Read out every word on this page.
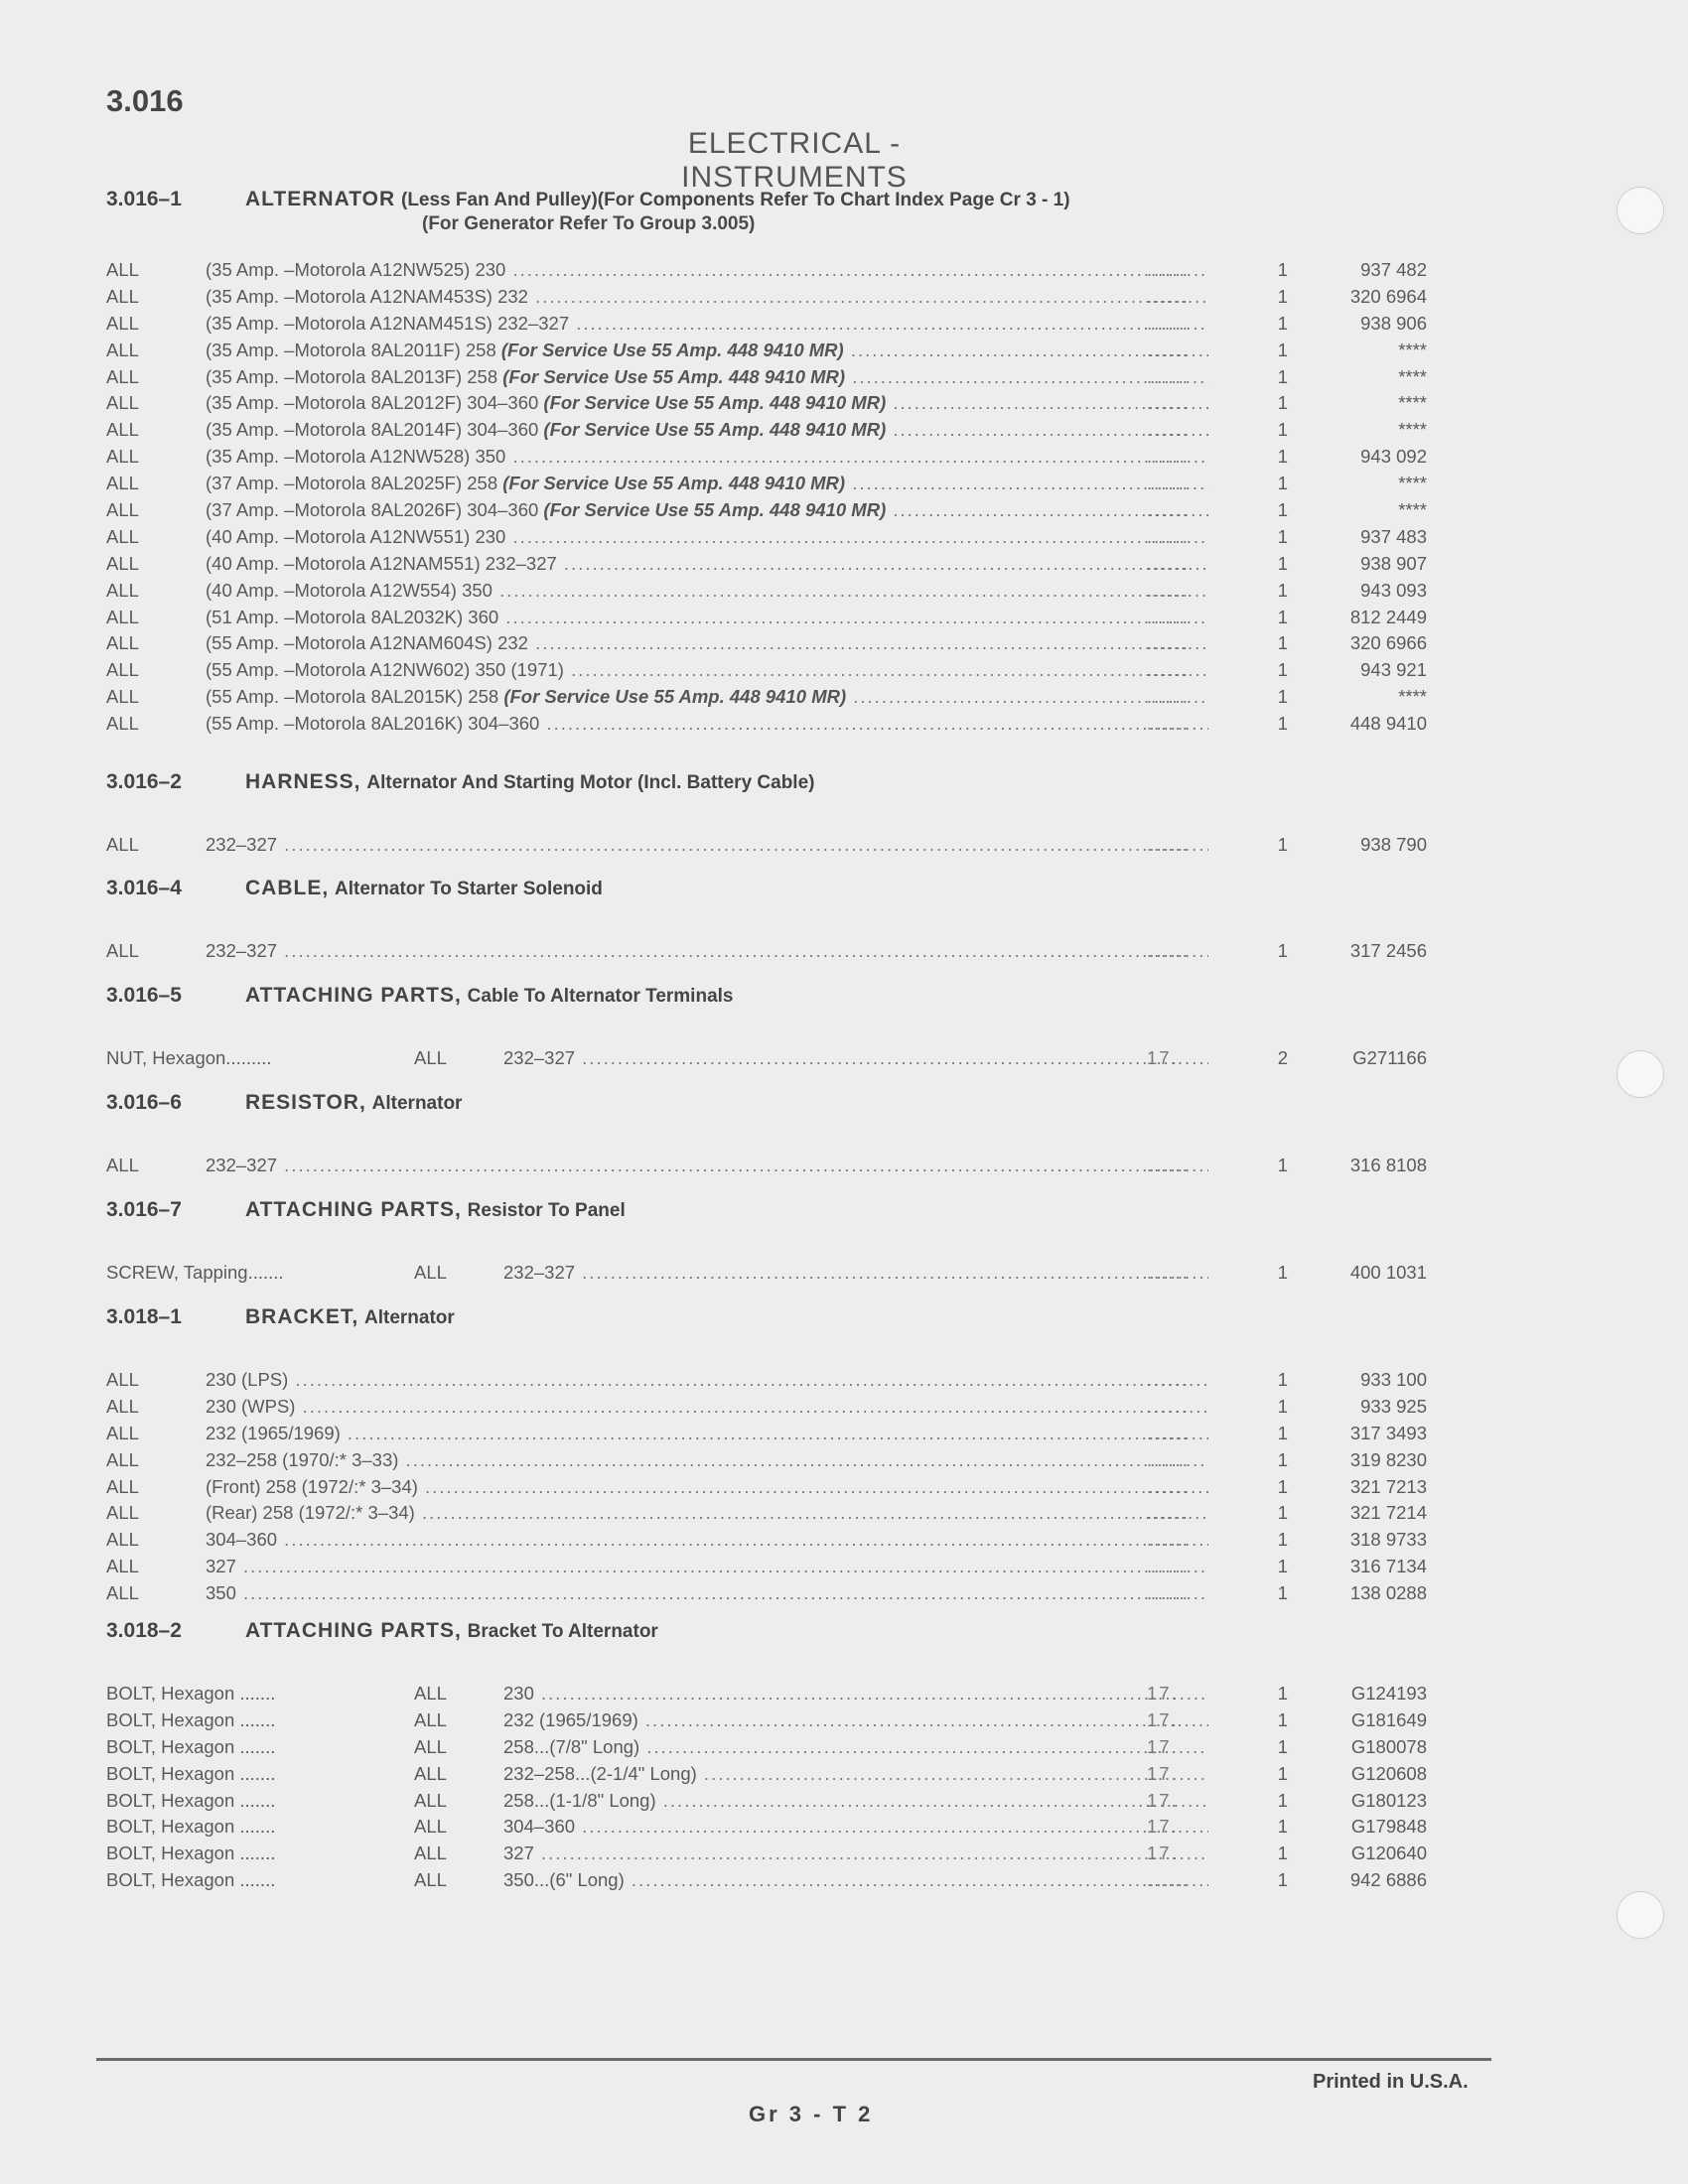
3.016
ELECTRICAL - INSTRUMENTS
3.016–1	ALTERNATOR (Less Fan And Pulley)(For Components Refer To Chart Index Page Cr 3 - 1)
(For Generator Refer To Group 3.005)
ALL	(35 Amp. –Motorola A12NW525) 230 .....	......	1	937 482
ALL	(35 Amp. –Motorola A12NAM453S) 232 .....	......	1	320 6964
ALL	(35 Amp. –Motorola A12NAM451S) 232–327 .....	......	1	938 906
ALL	(35 Amp. –Motorola 8AL2011F) 258 (For Service Use 55 Amp. 448 9410 MR) .....	......	1	****
ALL	(35 Amp. –Motorola 8AL2013F) 258 (For Service Use 55 Amp. 448 9410 MR) .....	......	1	****
ALL	(35 Amp. –Motorola 8AL2012F) 304–360 (For Service Use 55 Amp. 448 9410 MR) .....	......	1	****
ALL	(35 Amp. –Motorola 8AL2014F) 304–360 (For Service Use 55 Amp. 448 9410 MR) .....	......	1	****
ALL	(35 Amp. –Motorola A12NW528) 350 .....	......	1	943 092
ALL	(37 Amp. –Motorola 8AL2025F) 258 (For Service Use 55 Amp. 448 9410 MR) .....	......	1	****
ALL	(37 Amp. –Motorola 8AL2026F) 304–360 (For Service Use 55 Amp. 448 9410 MR) .....	......	1	****
ALL	(40 Amp. –Motorola A12NW551) 230 .....	......	1	937 483
ALL	(40 Amp. –Motorola A12NAM551) 232–327 .....	......	1	938 907
ALL	(40 Amp. –Motorola A12W554) 350 .....	......	1	943 093
ALL	(51 Amp. –Motorola 8AL2032K) 360 .....	......	1	812 2449
ALL	(55 Amp. –Motorola A12NAM604S) 232 .....	......	1	320 6966
ALL	(55 Amp. –Motorola A12NW602) 350 (1971) .....	......	1	943 921
ALL	(55 Amp. –Motorola 8AL2015K) 258 (For Service Use 55 Amp. 448 9410 MR) .....	......	1	****
ALL	(55 Amp. –Motorola 8AL2016K) 304–360 .....	......	1	448 9410
3.016–2	HARNESS, Alternator And Starting Motor (Incl. Battery Cable)
ALL	232–327 .....	......	1	938 790
3.016–4	CABLE, Alternator To Starter Solenoid
ALL	232–327 .....	......	1	317 2456
3.016–5	ATTACHING PARTS, Cable To Alternator Terminals
NUT, Hexagon.........	ALL	232–327 .....	17.	2	G271166
3.016–6	RESISTOR, Alternator
ALL	232–327 .....	......	1	316 8108
3.016–7	ATTACHING PARTS, Resistor To Panel
SCREW, Tapping.......	ALL	232–327 .....	......	1	400 1031
3.018–1	BRACKET, Alternator
ALL	230 (LPS) .....	......	1	933 100
ALL	230 (WPS) .....	......	1	933 925
ALL	232 (1965/1969) .....	......	1	317 3493
ALL	232–258 (1970/:* 3–33) .....	......	1	319 8230
ALL	(Front) 258 (1972/:* 3–34) .....	......	1	321 7213
ALL	(Rear) 258 (1972/:* 3–34) .....	......	1	321 7214
ALL	304–360 .....	......	1	318 9733
ALL	327 .....	......	1	316 7134
ALL	350 .....	......	1	138 0288
3.018–2	ATTACHING PARTS, Bracket To Alternator
BOLT, Hexagon .......	ALL	230 .....	17.	1	G124193
BOLT, Hexagon .......	ALL	232 (1965/1969) .....	17.	1	G181649
BOLT, Hexagon .......	ALL	258...(7/8" Long) .....	17.	1	G180078
BOLT, Hexagon .......	ALL	232–258...(2-1/4" Long) .....	17.	1	G120608
BOLT, Hexagon .......	ALL	258...(1-1/8" Long) .....	17.	1	G180123
BOLT, Hexagon .......	ALL	304–360 .....	17.	1	G179848
BOLT, Hexagon .......	ALL	327 .....	17.	1	G120640
BOLT, Hexagon .......	ALL	350...(6" Long) .....	......	1	942 6886
Printed in U.S.A.
Gr 3 - T 2
